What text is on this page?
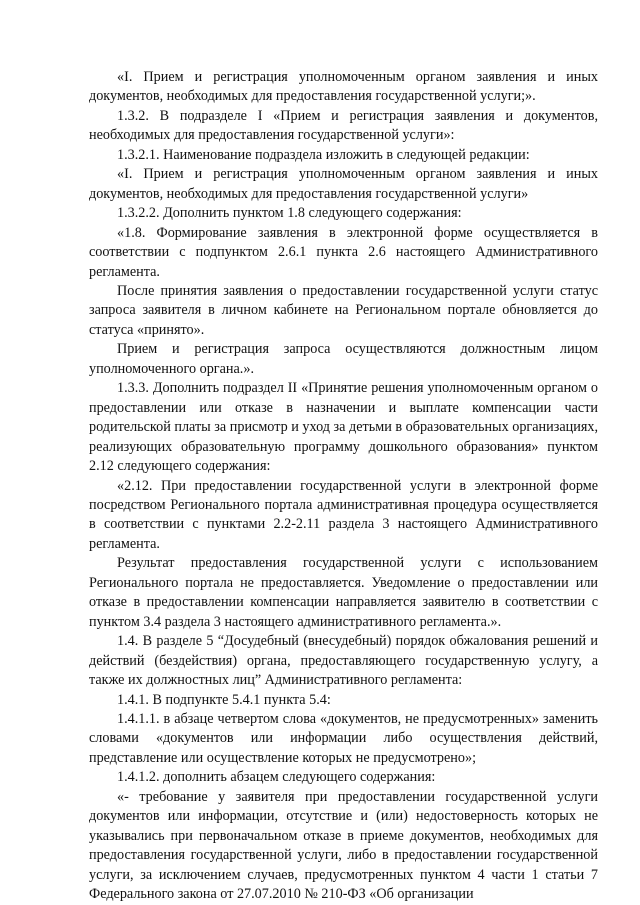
«I. Прием и регистрация уполномоченным органом заявления и иных документов, необходимых для предоставления государственной услуги;».

1.3.2. В подразделе I «Прием и регистрация заявления и документов, необходимых для предоставления государственной услуги»:

1.3.2.1. Наименование подраздела изложить в следующей редакции:

«I. Прием и регистрация уполномоченным органом заявления и иных документов, необходимых для предоставления государственной услуги»

1.3.2.2. Дополнить пунктом 1.8 следующего содержания:

«1.8. Формирование заявления в электронной форме осуществляется в соответствии с подпунктом 2.6.1 пункта 2.6 настоящего Административного регламента.

После принятия заявления о предоставлении государственной услуги статус запроса заявителя в личном кабинете на Региональном портале обновляется до статуса «принято».

Прием и регистрация запроса осуществляются должностным лицом уполномоченного органа.».

1.3.3. Дополнить подраздел II «Принятие решения уполномоченным органом о предоставлении или отказе в назначении и выплате компенсации части родительской платы за присмотр и уход за детьми в образовательных организациях, реализующих образовательную программу дошкольного образования» пунктом 2.12 следующего содержания:

«2.12. При предоставлении государственной услуги в электронной форме посредством Регионального портала административная процедура осуществляется в соответствии с пунктами 2.2-2.11 раздела 3 настоящего Административного регламента.

Результат предоставления государственной услуги с использованием Регионального портала не предоставляется. Уведомление о предоставлении или отказе в предоставлении компенсации направляется заявителю в соответствии с пунктом 3.4 раздела 3 настоящего административного регламента.».

1.4. В разделе 5 “Досудебный (внесудебный) порядок обжалования решений и действий (бездействия) органа, предоставляющего государственную услугу, а также их должностных лиц” Административного регламента:

1.4.1. В подпункте 5.4.1 пункта 5.4:

1.4.1.1. в абзаце четвертом слова «документов, не предусмотренных» заменить словами «документов или информации либо осуществления действий, представление или осуществление которых не предусмотрено»;

1.4.1.2. дополнить абзацем следующего содержания:

«- требование у заявителя при предоставлении государственной услуги документов или информации, отсутствие и (или) недостоверность которых не указывались при первоначальном отказе в приеме документов, необходимых для предоставления государственной услуги, либо в предоставлении государственной услуги, за исключением случаев, предусмотренных пунктом 4 части 1 статьи 7 Федерального закона от 27.07.2010 № 210-ФЗ «Об организации
